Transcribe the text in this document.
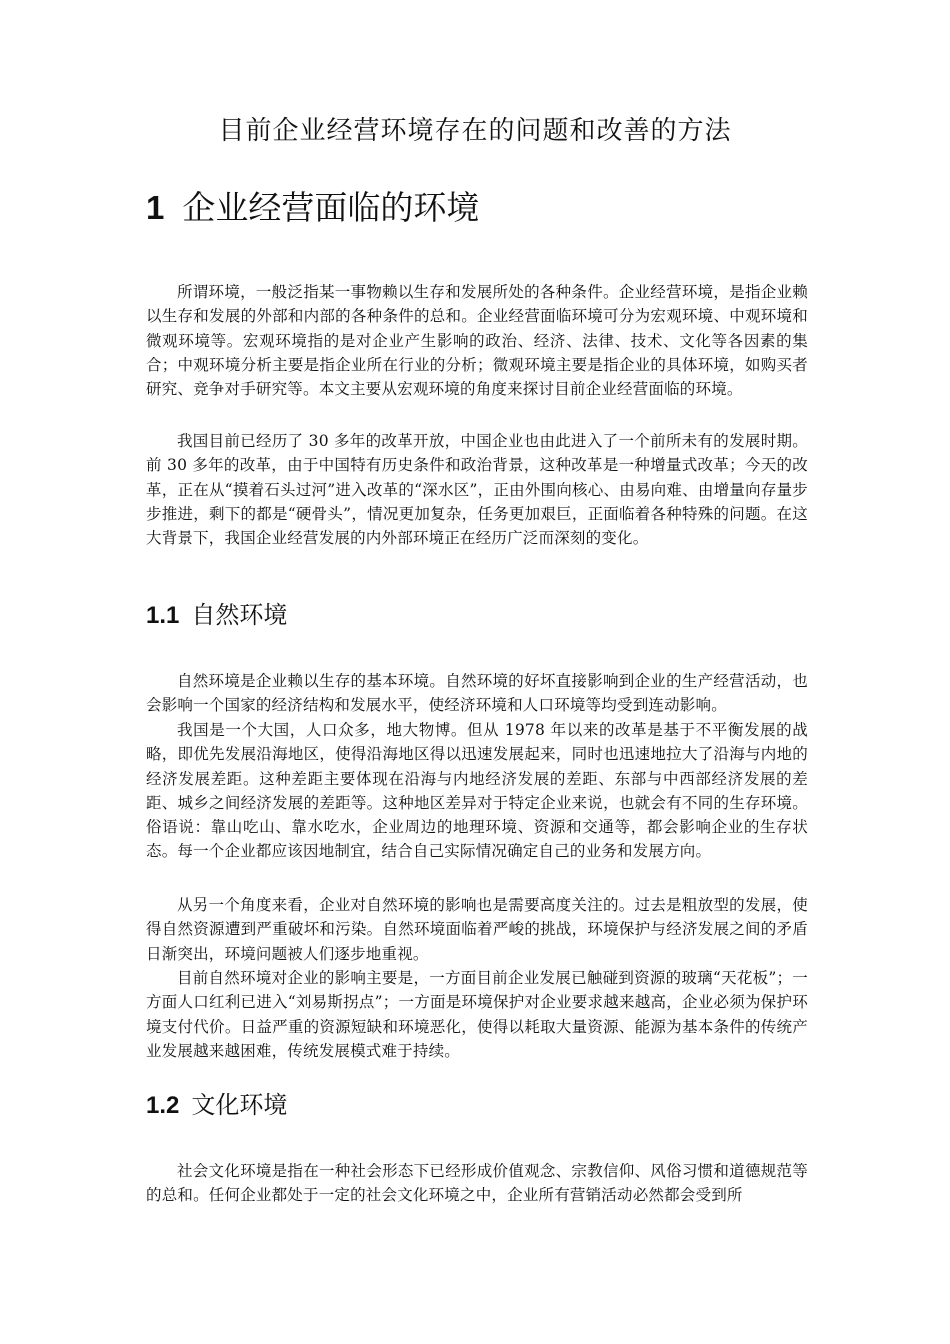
目前企业经营环境存在的问题和改善的方法
1 企业经营面临的环境

所谓环境，一般泛指某一事物赖以生存和发展所处的各种条件。企业经营环境，是指企业赖以生存和发展的外部和内部的各种条件的总和。企业经营面临环境可分为宏观环境、中观环境和微观环境等。宏观环境指的是对企业产生影响的政治、经济、法律、技术、文化等各因素的集合；中观环境分析主要是指企业所在行业的分析；微观环境主要是指企业的具体环境，如购买者研究、竞争对手研究等。本文主要从宏观环境的角度来探讨目前企业经营面临的环境。

我国目前已经历了 30 多年的改革开放，中国企业也由此进入了一个前所未有的发展时期。前 30 多年的改革，由于中国特有历史条件和政治背景，这种改革是一种增量式改革；今天的改革，正在从“摸着石头过河”进入改革的“深水区”，正由外围向核心、由易向难、由增量向存量步步推进，剩下的都是“硬骨头”，情况更加复杂，任务更加艰巨，正面临着各种特殊的问题。在这大背景下，我国企业经营发展的内外部环境正在经历广泛而深刻的变化。

1.1 自然环境

自然环境是企业赖以生存的基本环境。自然环境的好坏直接影响到企业的生产经营活动，也会影响一个国家的经济结构和发展水平，使经济环境和人口环境等均受到连动影响。

我国是一个大国，人口众多，地大物博。但从 1978 年以来的改革是基于不平衡发展的战略，即优先发展沿海地区，使得沿海地区得以迅速发展起来，同时也迅速地拉大了沿海与内地的经济发展差距。这种差距主要体现在沿海与内地经济发展的差距、东部与中西部经济发展的差距、城乡之间经济发展的差距等。这种地区差异对于特定企业来说，也就会有不同的生存环境。俗语说：靠山吃山、靠水吃水，企业周边的地理环境、资源和交通等，都会影响企业的生存状态。每一个企业都应该因地制宜，结合自己实际情况确定自己的业务和发展方向。

从另一个角度来看，企业对自然环境的影响也是需要高度关注的。过去是粗放型的发展，使得自然资源遭到严重破坏和污染。自然环境面临着严峻的挑战，环境保护与经济发展之间的矛盾日渐突出，环境问题被人们逐步地重视。

目前自然环境对企业的影响主要是，一方面目前企业发展已触碰到资源的玻璃“天花板”；一方面人口红利已进入“刘易斯拐点”；一方面是环境保护对企业要求越来越高，企业必须为保护环境支付代价。日益严重的资源短缺和环境恶化，使得以耗取大量资源、能源为基本条件的传统产业发展越来越困难，传统发展模式难于持续。

1.2 文化环境

社会文化环境是指在一种社会形态下已经形成价值观念、宗教信仰、风俗习惯和道德规范等的总和。任何企业都处于一定的社会文化环境之中，企业所有营销活动必然都会受到所
